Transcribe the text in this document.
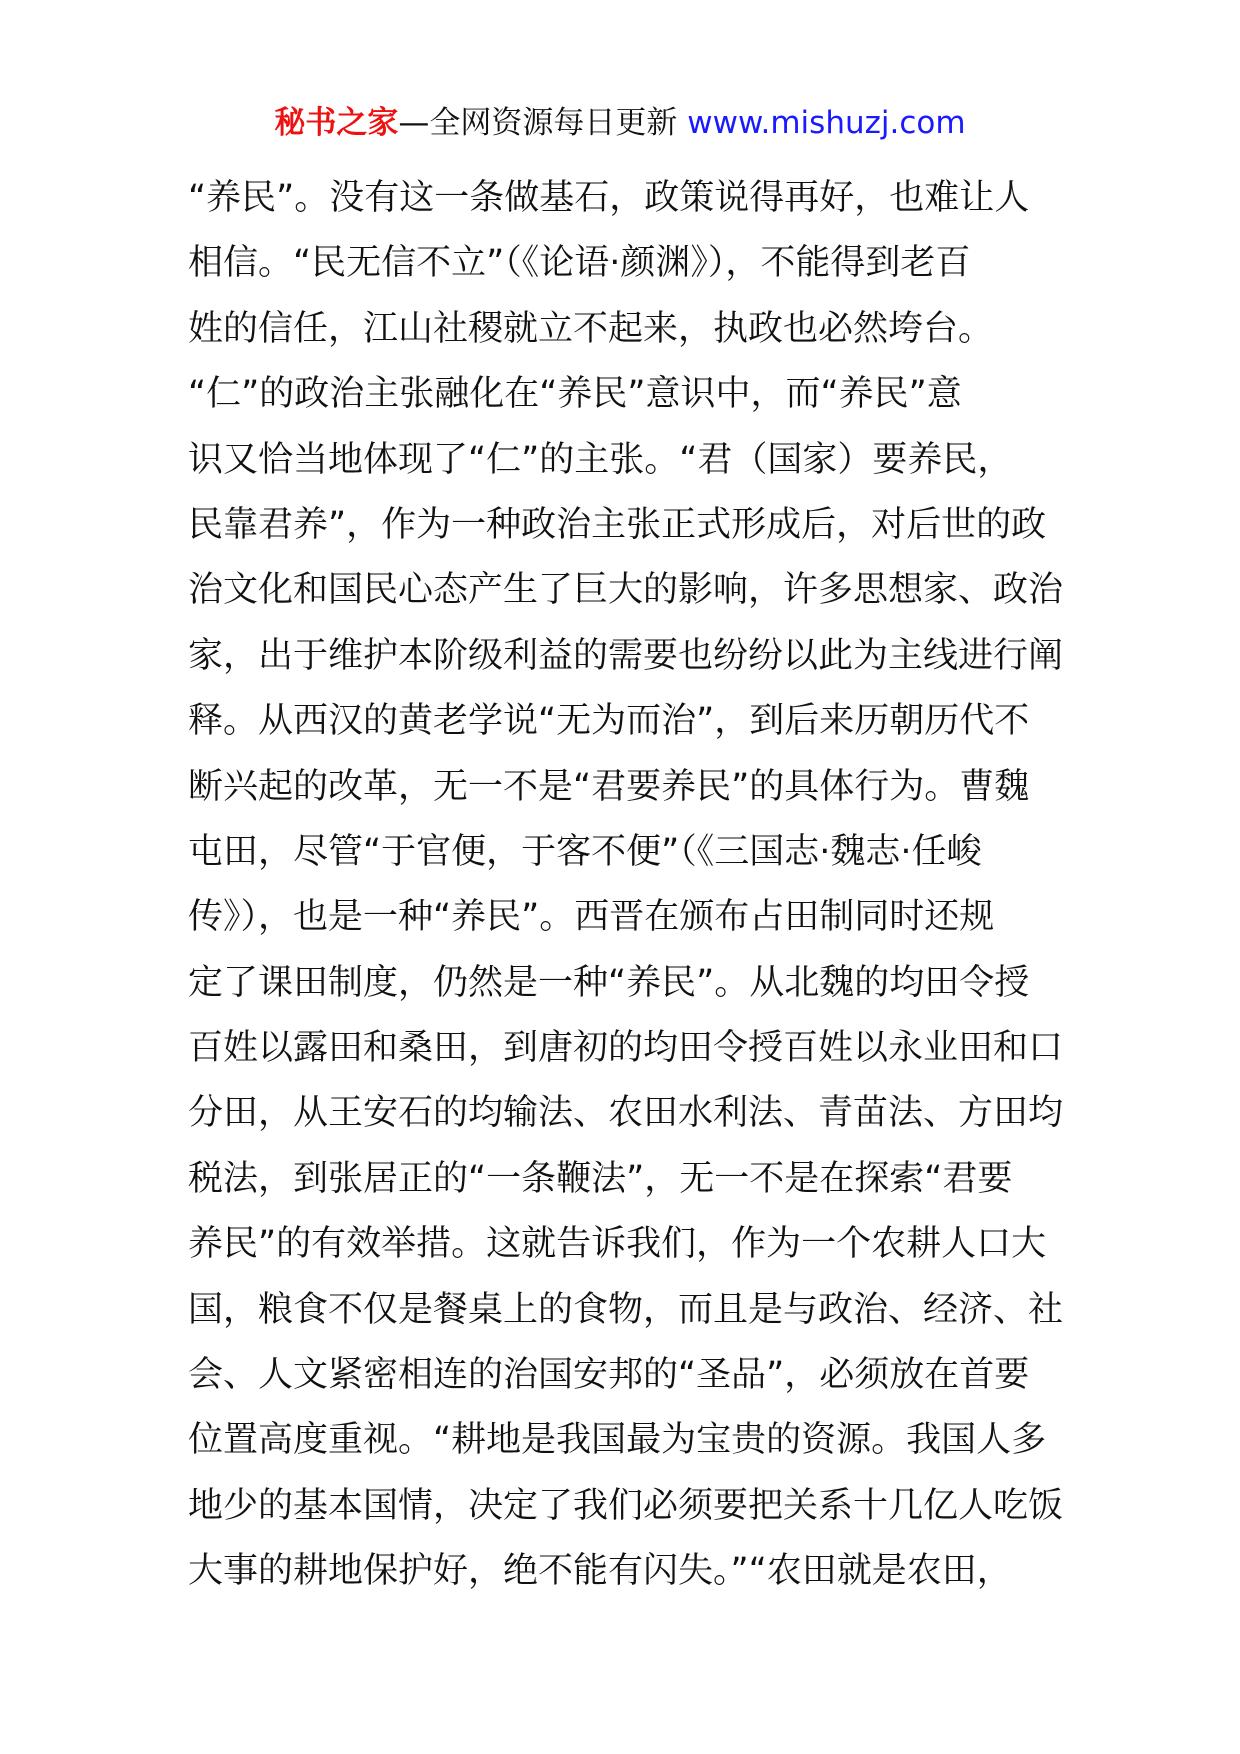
秘书之家—全网资源每日更新 www.mishuzj.com
“养民”。没有这一条做基石，政策说得再好，也难让人
相信。“民无信不立”（《论语·颜渊》），不能得到老百
姓的信任，江山社稷就立不起来，执政也必然垮台。
“仁”的政治主张融化在“养民”意识中，而“养民”意
识又恰当地体现了“仁”的主张。“君（国家）要养民，
民靠君养”，作为一种政治主张正式形成后，对后世的政
治文化和国民心态产生了巨大的影响，许多思想家、政治
家，出于维护本阶级利益的需要也纷纷以此为主线进行阐
释。从西汉的黄老学说“无为而治”，到后来历朝历代不
断兴起的改革，无一不是“君要养民”的具体行为。曹魏
屯田，尽管“于官便，于客不便”（《三国志·魏志·任峻
传》），也是一种“养民”。西晋在颁布占田制同时还规
定了课田制度，仍然是一种“养民”。从北魏的均田令授
百姓以露田和桑田，到唐初的均田令授百姓以永业田和口
分田，从王安石的均输法、农田水利法、青苗法、方田均
税法，到张居正的“一条鞭法”，无一不是在探索“君要
养民”的有效举措。这就告诉我们，作为一个农耕人口大
国，粮食不仅是餐桌上的食物，而且是与政治、经济、社
会、人文紧密相连的治国安邦的“圣品”，必须放在首要
位置高度重视。“耕地是我国最为宝贵的资源。我国人多
地少的基本国情，决定了我们必须要把关系十几亿人吃饭
大事的耕地保护好，绝不能有闪失。”“农田就是农田，
